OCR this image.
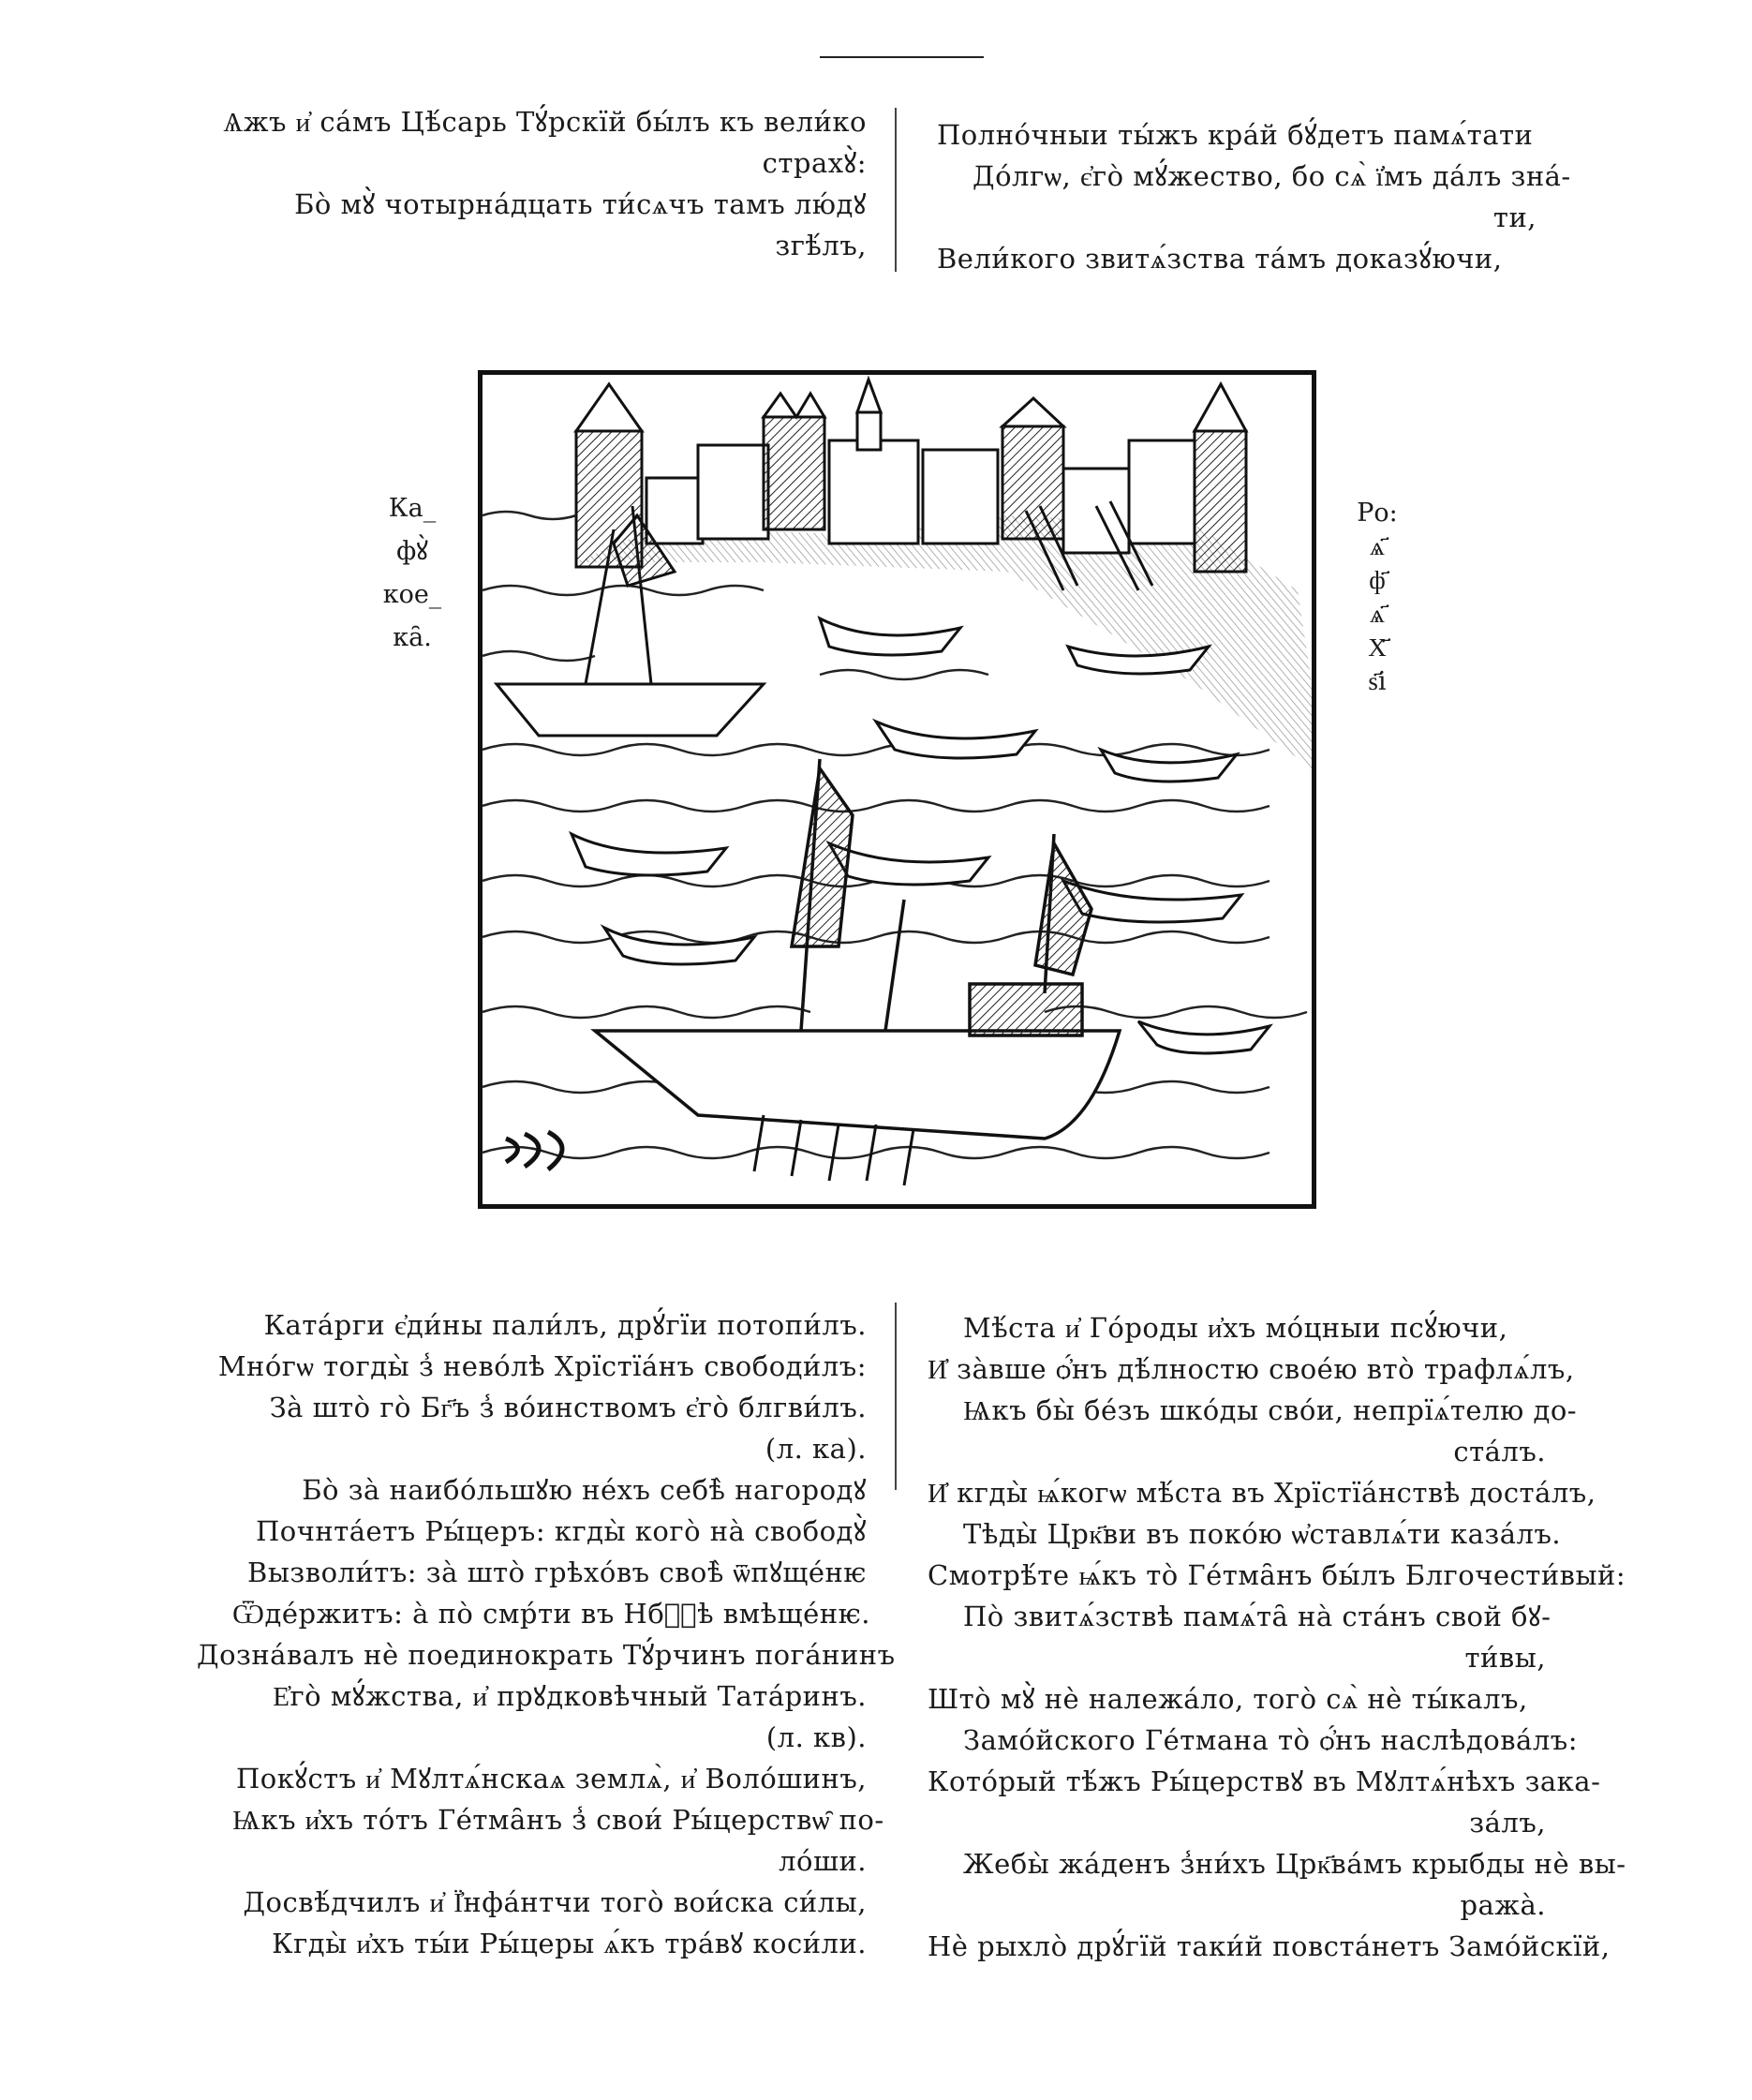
Ѧжъ и҆ са́мъ Цѣ́сарь Тꙋ́рскїй бы́лъ къ вели́ко
страхꙋ̀:
Бо̀ мꙋ̀ чотырнáдцать ти́сѧчъ тамъ лю́дꙋ
згѣ́лъ,
Полно́чныи ты́жъ кра́й бꙋ́детъ памѧ́тати
До́лгѡ, є҆го̀ мꙋ́жество, бо сѧ̀ ї҆мъ да́лъ зна́-
ти,
Вели́кого звитѧ́зства та́мъ доказꙋ́ючи,
Ка_
фꙋ̀
кое_
ка̑.
Ро:
ѧ҃
ф҃
ѧ҃
Х҃
ѕ҃і
Ката́рги є҆ди́ны пали́лъ, дрꙋ́гїи потопи́лъ.
Мно́гѡ тогды̀ з̾ нево́лѣ Хрїстїа́нъ свободи́лъ:
За̀ што̀ го̀ Бг҃ъ з̾ во́инствомъ є҆го̀ блгви́лъ.
(л. ка).
Бо̀ за̀ наибо́льшꙋю не́хъ себѣ̀ нагородꙋ
Почнта́етъ Ры́церъ: кгды̀ кого̀ на̀ свободꙋ̀
Вызволи́тъ: за̀ што̀ грѣхо́въ своѣ̀ ѿпꙋще́нѥ
Ѿде́ржитъ: а̀ по̀ смр́ти въ Нбⷭ҇ѣ вмѣще́нѥ.
Дозна́валъ нѐ поединократь Тꙋ́рчинъ пога́нинъ
Е҆го̀ мꙋ́жства, и҆ прꙋдковѣчный Тата́ринъ.
(л. кв).
Покꙋ́стъ и҆ Мꙋлтѧ́нскаѧ землѧ̀, и҆ Воло́шинъ,
Ѩкъ и҆хъ то́тъ Ге́тма̑нъ з̾ свои́ Ры́церствѡ̑ по-
ло́ши.
Досвѣ́дчилъ и҆ Ї҆нфа́нтчи того̀ вои́ска си́лы,
Кгды̀ и҆хъ ты́и Ры́церы ѧ́къ тра́вꙋ коси́ли.
Мѣ́ста и҆ Го́роды и҆хъ мо́цныи псꙋ́ючи,
И҆ за̀вше ѻ҆́нъ дѣ́лностю свое́ю вто̀ трафлѧ́лъ,
Ѩкъ бы̀ бе́зъ шко́ды сво́и, непрїѧ́телю до-
ста́лъ.
И҆ кгды̀ ѩ́когѡ мѣ́ста въ Хрїстїа́нствѣ доста́лъ,
Тѣды̀ Црк҃ви въ поко́ю ѡ҆ставлѧ́ти каза́лъ.
Смотрѣ́те ѩ́къ то̀ Ге́тма̑нъ бы́лъ Блгочести́вый:
По̀ звитѧ́зствѣ памѧ́та̑ на̀ ста́нъ свой бꙋ-
ти́вы,
Што̀ мꙋ̀ нѐ належа́ло, того̀ сѧ̀ нѐ ты́калъ,
Замо́йского Ге́тмана то̀ ѻ҆́нъ наслѣдова́лъ:
Кото́рый тѣ́жъ Ры́церствꙋ въ Мꙋлтѧ́нѣхъ зака-
за́лъ,
Жебы̀ жа́денъ з̾ни́хъ Црк҃ва́мъ крыбды нѐ вы-
ража̀.
Нѐ рыхло̀ дрꙋ́гїй таки́й повста́нетъ Замо́йскїй,
